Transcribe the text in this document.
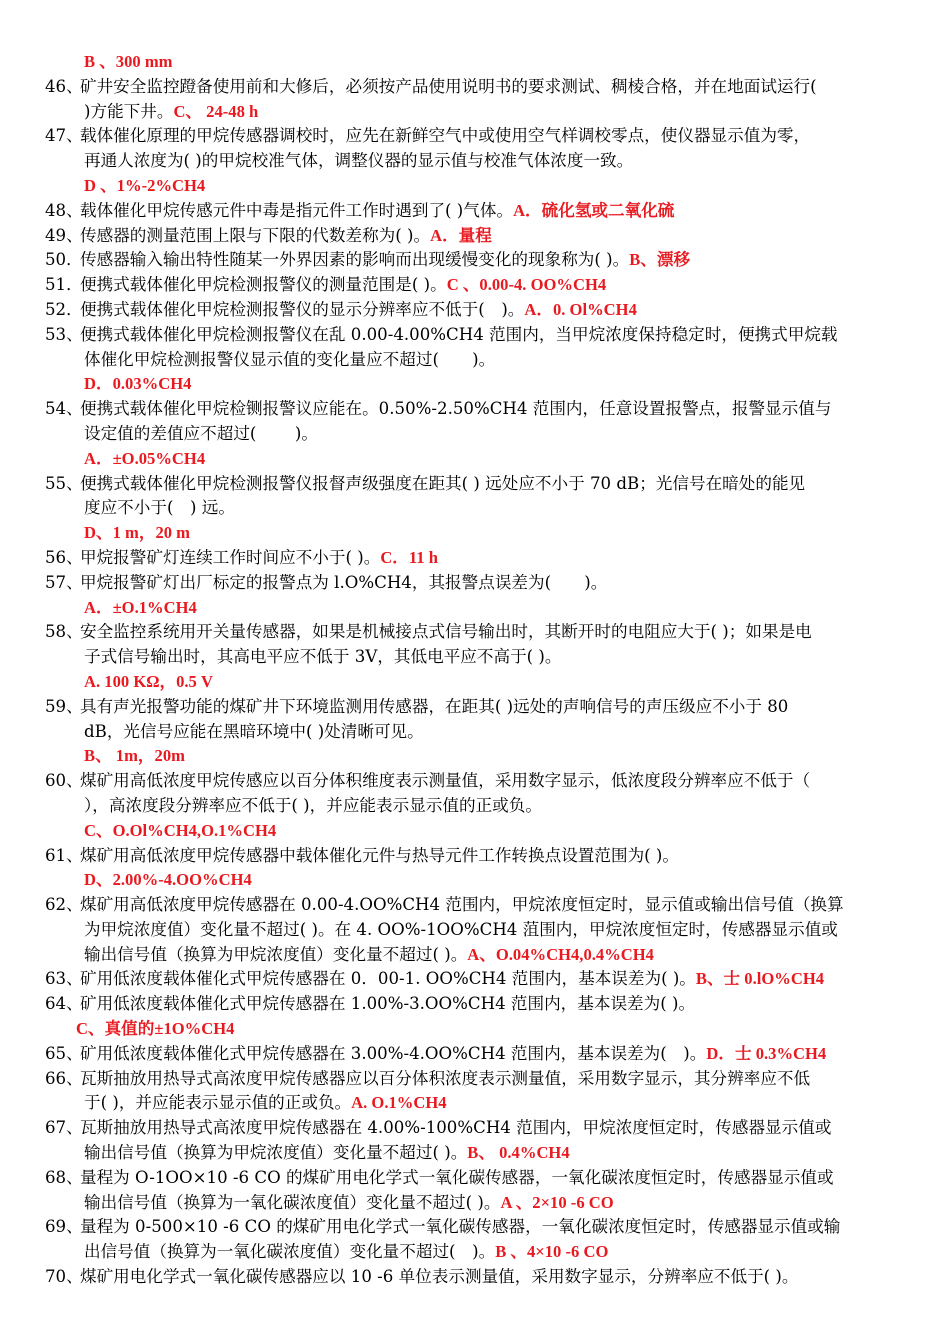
B 、300 mm
46、
矿井安全监控蹬备使用前和大修后，必须按产品使用说明书的要求测试、稠棱合格，并在地面试运行(
)方能下井。C、 24-48 h
47、
载体催化原理的甲烷传感器调校时，应先在新鲜空气中或使用空气样调校零点，使仪器显示值为零，
再通人浓度为( )的甲烷校准气体，调整仪器的显示值与校准气体浓度一致。
D 、1%-2%CH4
48、
载体催化甲烷传感元件中毒是指元件工作时遇到了( )气体。A．硫化氢或二氧化硫
49、
传感器的测量范围上限与下限的代数差称为( )。A．量程
50．
传感器输入输出特性随某一外界因素的影响而出现缓慢变化的现象称为( )。B、漂移
51．
便携式载体催化甲烷检测报警仪的测量范围是( )。C 、0.00-4. OO%CH4
52．
便携式载体催化甲烷检测报警仪的显示分辨率应不低于(　)。A．0. Ol%CH4
53、
便携式载体催化甲烷检测报警仪在乱 0.00-4.00%CH4 范围内，当甲烷浓度保持稳定时，便携式甲烷载
体催化甲烷检测报警仪显示值的变化量应不超过(　　)。
D．0.03%CH4
54、
便携式载体催化甲烷检铡报警议应能在。0.50%-2.50%CH4 范围内，任意设置报警点，报警显示值与
设定值的差值应不超过(　　 )。
A．±O.05%CH4
55、
便携式载体催化甲烷检测报警仪报督声级强度在距其( ) 远处应不小于 70 dB；光信号在暗处的能见
度应不小于(　) 远。
D、1 m，20 m
56、
甲烷报警矿灯连续工作时间应不小于( )。C．11 h
57、
甲烷报警矿灯出厂标定的报警点为 l.O%CH4，其报警点误差为(　　)。
A．±O.1%CH4
58、
安全监控系统用开关量传感器，如果是机械接点式信号输出时，其断开时的电阻应大于( )；如果是电
子式信号输出时，其高电平应不低于 3V，其低电平应不高于( )。
A. 100 KΩ，0.5 V
59、
具有声光报警功能的煤矿井下环境监测用传感器，在距其( )远处的声响信号的声压级应不小于 80
dB，光信号应能在黑暗环境中( )处清晰可见。
B、 1m，20m
60、
煤矿用高低浓度甲烷传感应以百分体积维度表示测量值，采用数字显示，低浓度段分辨率应不低于（
），高浓度段分辨率应不低于( )，并应能表示显示值的正或负。
C、O.Ol%CH4,O.1%CH4
61、
煤矿用高低浓度甲烷传感器中载体催化元件与热导元件工作转换点设置范围为( )。
D、2.00%-4.OO%CH4
62、
煤矿用高低浓度甲烷传感器在 0.00-4.OO%CH4 范围内，甲烷浓度恒定时，显示值或输出信号值（换算
为甲烷浓度值）变化量不超过( )。在 4. OO%-1OO%CH4 菹围内，甲烷浓度恒定时，传感器显示值或
输出信号值（换算为甲烷浓度值）变化量不超过( )。A、O.04%CH4,0.4%CH4
63、
矿用低浓度载体催化式甲烷传感器在 0．00-1. OO%CH4 范围内，基本误差为( )。B、士 0.lO%CH4
64、
矿用低浓度载体催化式甲烷传感器在 1.00%-3.OO%CH4 范围内，基本误差为( )。
C、真值的±1O%CH4
65、
矿用低浓度载体催化式甲烷传感器在 3.00%-4.OO%CH4 范围内，基本误差为(　)。D．士 0.3%CH4
66、
瓦斯抽放用热导式高浓度甲烷传感器应以百分体积浓度表示测量值，采用数字显示，其分辨率应不低
于( )，并应能表示显示值的正或负。A. O.1%CH4
67、
瓦斯抽放用热导式高浓度甲烷传感器在 4.00%-100%CH4 范围内，甲烷浓度恒定时，传感器显示值或
输出信号值（换算为甲烷浓度值）变化量不超过( )。B、 0.4%CH4
68、
量程为 O-1OO×10 -6 CO 的煤矿用电化学式一氧化碳传感器，一氧化碳浓度恒定时，传感器显示值或
输出信号值（换算为一氧化碳浓度值）变化量不超过( )。A 、2×10 -6 CO
69、
量程为 0-500×10 -6 CO 的煤矿用电化学式一氧化碳传感器，一氧化碳浓度恒定时，传感器显示值或输
出信号值（换算为一氧化碳浓度值）变化量不超过(　)。B 、4×10 -6 CO
70、
煤矿用电化学式一氧化碳传感器应以 10 -6 单位表示测量值，采用数字显示，分辨率应不低于( )。
